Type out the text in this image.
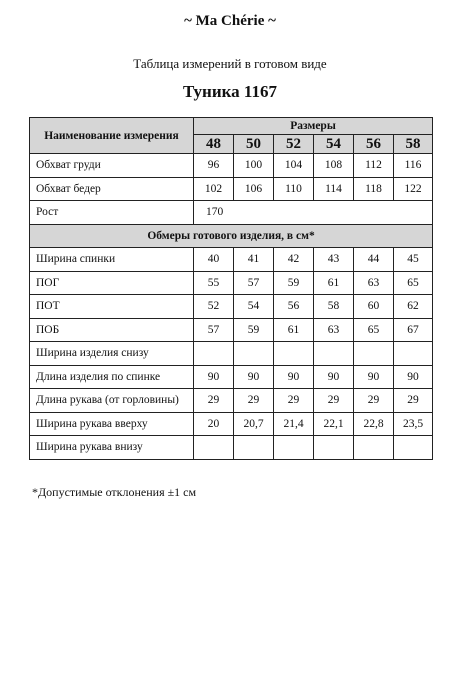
~ Ma Chérie ~
Таблица измерений в готовом виде
Туника 1167
Наименование измерения	Размеры					
	48	50	52	54	56	58
Обхват груди	96	100	104	108	112	116
Обхват бедер	102	106	110	114	118	122
Рост	170					
Обмеры готового изделия, в см*						
Ширина спинки	40	41	42	43	44	45
ПОГ	55	57	59	61	63	65
ПОТ	52	54	56	58	60	62
ПОБ	57	59	61	63	65	67
Ширина изделия снизу						
Длина изделия по спинке	90	90	90	90	90	90
Длина рукава (от горловины)	29	29	29	29	29	29
Ширина рукава вверху	20	20,7	21,4	22,1	22,8	23,5
Ширина рукава внизу						
*Допустимые отклонения ±1 см
